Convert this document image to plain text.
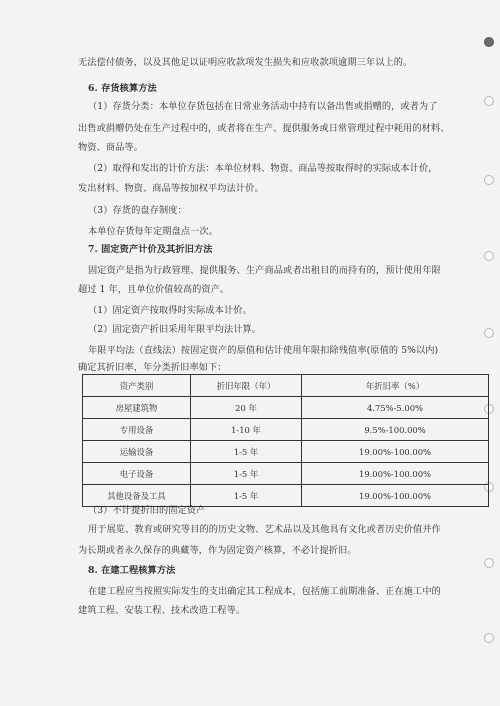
无法偿付债务，以及其他足以证明应收款项发生损失和应收款项逾期三年以上的。
6. 存货核算方法
（1）存货分类：本单位存货包括在日常业务活动中持有以备出售或捐赠的，或者为了
出售或捐赠仍处在生产过程中的，或者将在生产、提供服务或日常管理过程中耗用的材料、
物资、商品等。
（2）取得和发出的计价方法：本单位材料、物资、商品等按取得时的实际成本计价，
发出材料、物资、商品等按加权平均法计价。
（3）存货的盘存制度：
本单位存货每年定期盘点一次。
7. 固定资产计价及其折旧方法
固定资产是指为行政管理、提供服务、生产商品或者出租目的而持有的，预计使用年限
超过 1 年，且单位价值较高的资产。
（1）固定资产按取得时实际成本计价。
（2）固定资产折旧采用年限平均法计算。
年限平均法（直线法）按固定资产的原值和估计使用年限扣除残值率(原值的 5%以内)
确定其折旧率，年分类折旧率如下：
资产类别	折旧年限（年）	年折旧率（%）
房屋建筑物	20 年	4.75%-5.00%
专用设备	1-10 年	9.5%-100.00%
运输设备	1-5 年	19.00%-100.00%
电子设备	1-5 年	19.00%-100.00%
其他设备及工具	1-5 年	19.00%-100.00%
（3）不计提折旧的固定资产
用于展览、教育或研究等目的的历史文物、艺术品以及其他具有文化或者历史价值并作
为长期或者永久保存的典藏等，作为固定资产核算，不必计提折旧。
8. 在建工程核算方法
在建工程应当按照实际发生的支出确定其工程成本，包括施工前期准备、正在施工中的
建筑工程、安装工程、技术改造工程等。
